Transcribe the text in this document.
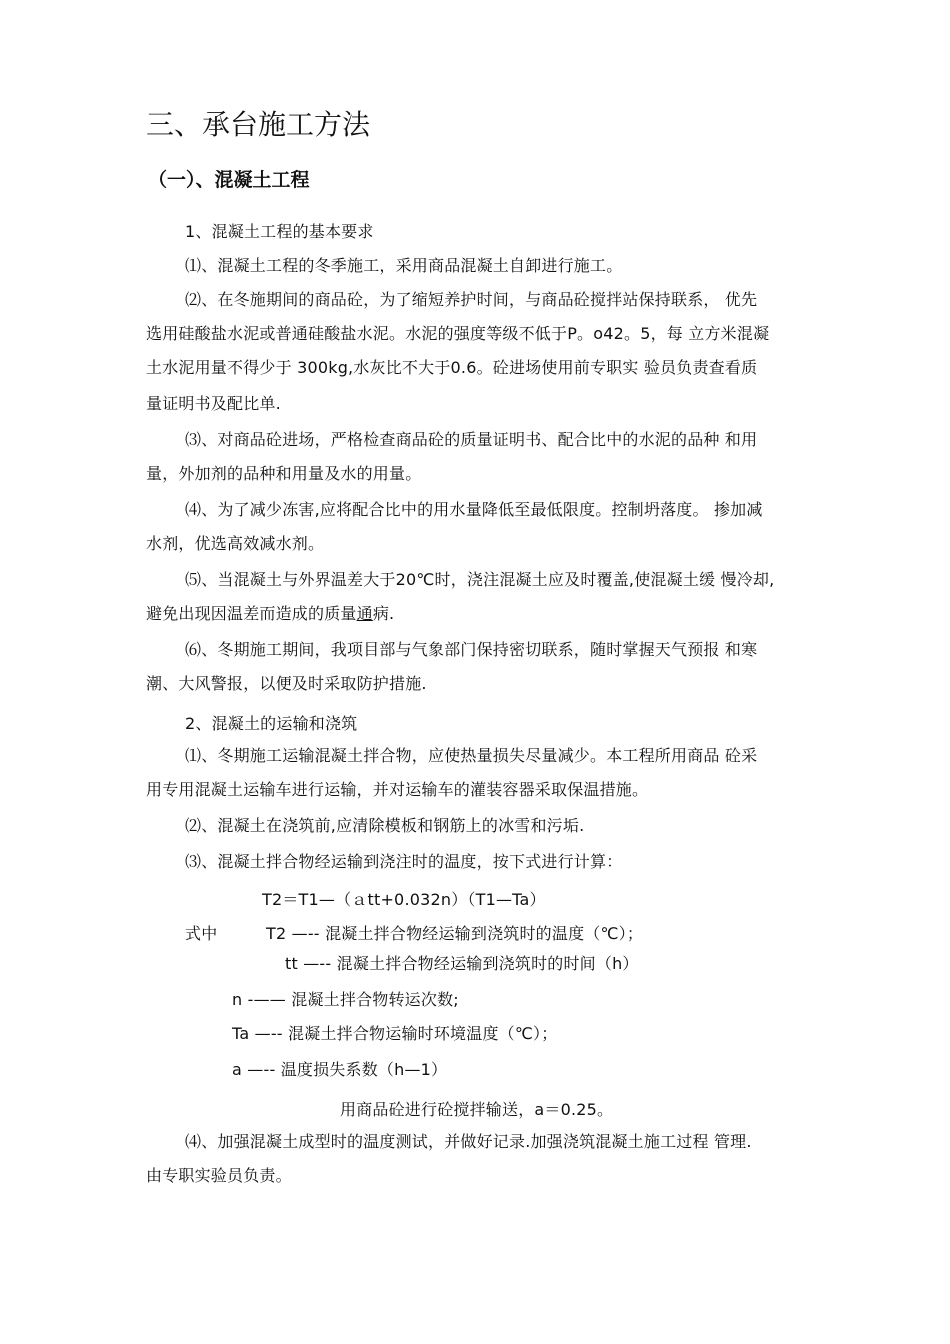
三、承台施工方法
（一）、混凝土工程
1、混凝土工程的基本要求
⑴、混凝土工程的冬季施工，采用商品混凝土自卸进行施工。
⑵、在冬施期间的商品砼，为了缩短养护时间，与商品砼搅拌站保持联系， 优先
选用硅酸盐水泥或普通硅酸盐水泥。水泥的强度等级不低于P。o42。5，每 立方米混凝
土水泥用量不得少于 300kg,水灰比不大于0.6。砼进场使用前专职实 验员负责查看质
量证明书及配比单.
⑶、对商品砼进场，严格检查商品砼的质量证明书、配合比中的水泥的品种 和用
量，外加剂的品种和用量及水的用量。
⑷、为了减少冻害,应将配合比中的用水量降低至最低限度。控制坍落度。 掺加减
水剂，优选高效减水剂。
⑸、当混凝土与外界温差大于20℃时，浇注混凝土应及时覆盖,使混凝土缓 慢冷却,
避免出现因温差而造成的质量通病.
⑹、冬期施工期间，我项目部与气象部门保持密切联系，随时掌握天气预报 和寒
潮、大风警报，以便及时采取防护措施.
2、混凝土的运输和浇筑
⑴、冬期施工运输混凝土拌合物，应使热量损失尽量减少。本工程所用商品 砼采
用专用混凝土运输车进行运输，并对运输车的灌装容器采取保温措施。
⑵、混凝土在浇筑前,应清除模板和钢筋上的冰雪和污垢.
⑶、混凝土拌合物经运输到浇注时的温度，按下式进行计算：
T2＝T1—（ａtt+0.032n）（T1—Ta）
式中	T2 —-- 混凝土拌合物经运输到浇筑时的温度（℃）；
tt —-- 混凝土拌合物经运输到浇筑时的时间（h）
n -—— 混凝土拌合物转运次数;
Ta —-- 混凝土拌合物运输时环境温度（℃）；
a —-- 温度损失系数（h—1）
用商品砼进行砼搅拌输送，a＝0.25。
⑷、加强混凝土成型时的温度测试，并做好记录.加强浇筑混凝土施工过程 管理.
由专职实验员负责。
